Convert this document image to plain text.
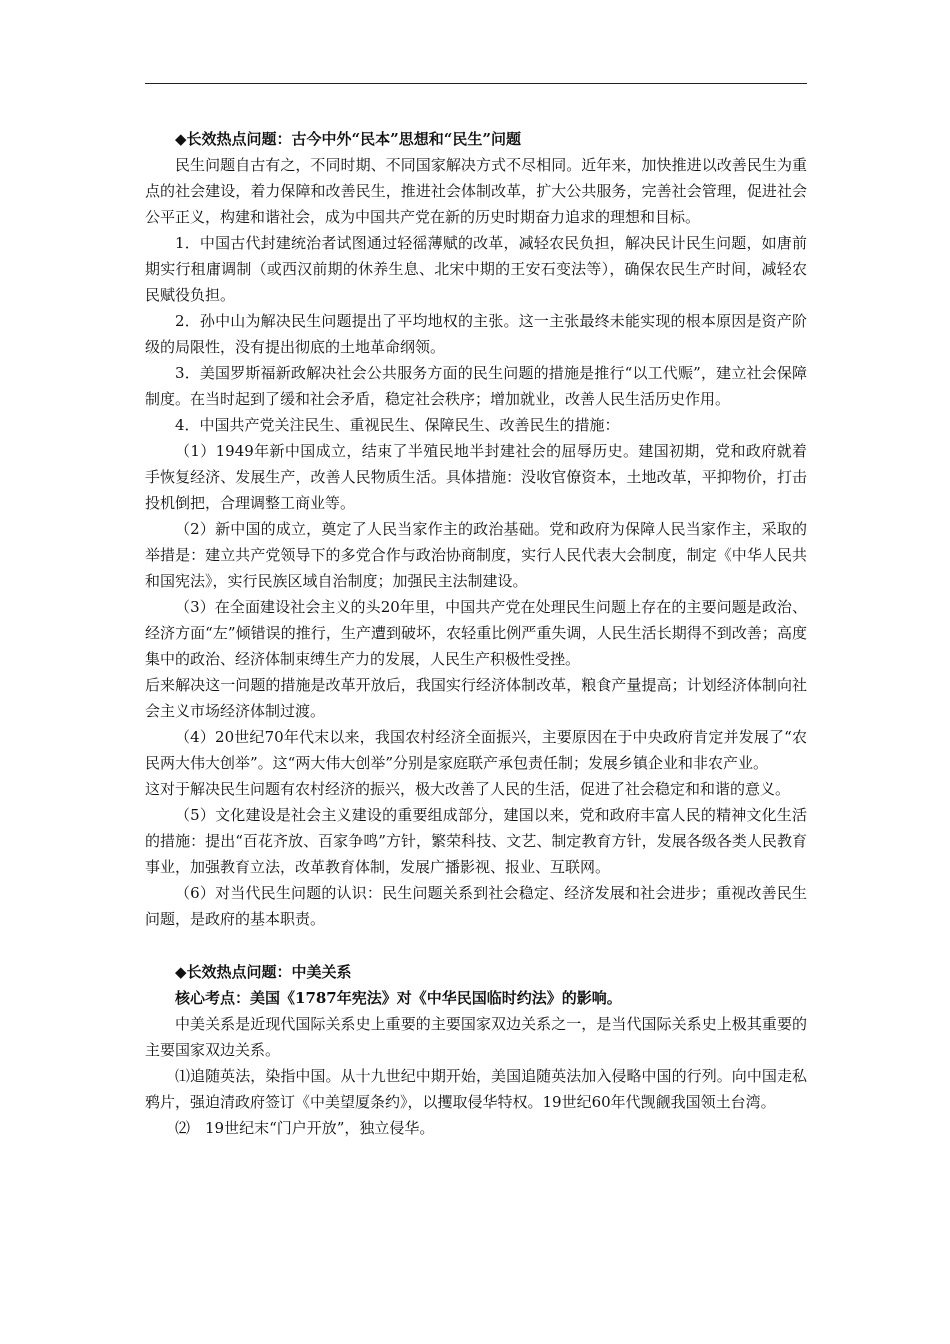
◆长效热点问题：古今中外“民本”思想和“民生”问题

民生问题自古有之，不同时期、不同国家解决方式不尽相同。近年来，加快推进以改善民生为重点的社会建设，着力保障和改善民生，推进社会体制改革，扩大公共服务，完善社会管理，促进社会公平正义，构建和谐社会，成为中国共产党在新的历史时期奋力追求的理想和目标。

1．中国古代封建统治者试图通过轻徭薄赋的改革，减轻农民负担，解决民计民生问题，如唐前期实行租庸调制（或西汉前期的休养生息、北宋中期的王安石变法等），确保农民生产时间，减轻农民赋役负担。

2．孙中山为解决民生问题提出了平均地权的主张。这一主张最终未能实现的根本原因是资产阶级的局限性，没有提出彻底的土地革命纲领。

3．美国罗斯福新政解决社会公共服务方面的民生问题的措施是推行“以工代赈”，建立社会保障制度。在当时起到了缓和社会矛盾，稳定社会秩序；增加就业，改善人民生活历史作用。

4．中国共产党关注民生、重视民生、保障民生、改善民生的措施：

（1）1949年新中国成立，结束了半殖民地半封建社会的屈辱历史。建国初期，党和政府就着手恢复经济、发展生产，改善人民物质生活。具体措施：没收官僚资本，土地改革，平抑物价，打击投机倒把，合理调整工商业等。

（2）新中国的成立，奠定了人民当家作主的政治基础。党和政府为保障人民当家作主，采取的举措是：建立共产党领导下的多党合作与政治协商制度，实行人民代表大会制度，制定《中华人民共和国宪法》，实行民族区域自治制度；加强民主法制建设。

（3）在全面建设社会主义的头20年里，中国共产党在处理民生问题上存在的主要问题是政治、经济方面“左”倾错误的推行，生产遭到破坏，农轻重比例严重失调，人民生活长期得不到改善；高度集中的政治、经济体制束缚生产力的发展，人民生产积极性受挫。

后来解决这一问题的措施是改革开放后，我国实行经济体制改革，粮食产量提高；计划经济体制向社会主义市场经济体制过渡。

（4）20世纪70年代末以来，我国农村经济全面振兴，主要原因在于中央政府肯定并发展了“农民两大伟大创举”。这“两大伟大创举”分别是家庭联产承包责任制；发展乡镇企业和非农产业。

这对于解决民生问题有农村经济的振兴，极大改善了人民的生活，促进了社会稳定和和谐的意义。

（5）文化建设是社会主义建设的重要组成部分，建国以来，党和政府丰富人民的精神文化生活的措施：提出“百花齐放、百家争鸣”方针，繁荣科技、文艺、制定教育方针，发展各级各类人民教育事业，加强教育立法，改革教育体制，发展广播影视、报业、互联网。

（6）对当代民生问题的认识：民生问题关系到社会稳定、经济发展和社会进步；重视改善民生问题，是政府的基本职责。

◆长效热点问题：中美关系

核心考点：美国《1787年宪法》对《中华民国临时约法》的影响。

中美关系是近现代国际关系史上重要的主要国家双边关系之一，是当代国际关系史上极其重要的主要国家双边关系。

⑴追随英法，染指中国。从十九世纪中期开始，美国追随英法加入侵略中国的行列。向中国走私鸦片，强迫清政府签订《中美望厦条约》，以攫取侵华特权。19世纪60年代觊觎我国领土台湾。

⑵　19世纪末“门户开放”，独立侵华。
